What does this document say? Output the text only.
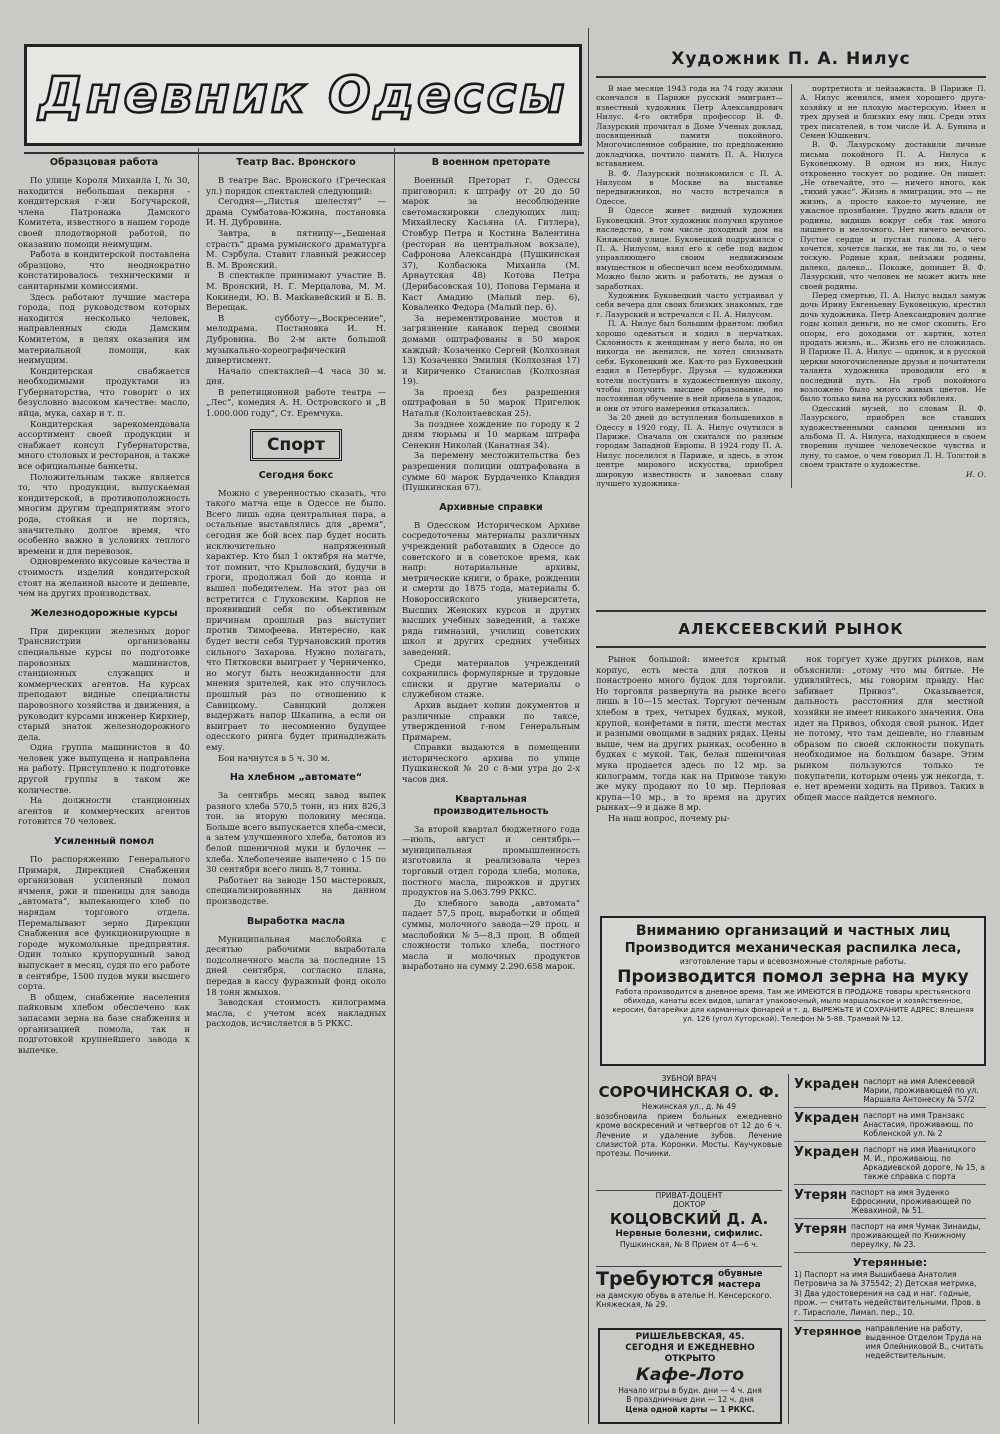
Дневник Одессы
Образцовая работа

По улице Короля Михаила I, № 30, находится небольшая пекарня - кондитерская г-жи Богучарской, члена Патронажа Дамского Комитета, известного в нашем городе своей плодотворной работой, по оказанию помощи неимущим.

Работа в кондитерской поставлена образцово, что неоднократно констатировалось техническими и санитарными комиссиями.

Здесь работают лучшие мастера города, под руководством которых находится несколько человек, направленных сюда Дамским Комитетом, в целях оказания им материальной помощи, как неимущим.

Кондитерская снабжается необходимыми продуктами из Губернаторства, что говорит о их безусловно высоком качестве: масло, яйца, мука, сахар и т. п.

Кондитерская зарекомендовала ассортимент своей продукции и снабжает консул Губернаторства, много столовых и ресторанов, а также все официальные банкеты.

Положительным также является то, что продукция, выпускаемая кондитерской, в противоположность многим другим предприятиям этого рода, стойкая и не портясь, значительно долгое время, что особенно важно в условиях теплого времени и для перевозок.

Одновременно вкусовые качества и стоимость изделий кондитерской стоят на желанной высоте и дешевле, чем на других производствах.

Железнодорожные курсы

При дирекции железных дорог Транснистрии организованы специальные курсы по подготовке паровозных машинистов, станционных служащих и коммерческих агентов. На курсах преподают видные специалисты паровозного хозяйства и движения, а руководит курсами инженер Кирхнер, старый знаток железнодорожного дела.

Одна группа машинистов в 40 человек уже выпущена и направлена на работу. Приступлено к подготовке другой группы в таком же количестве.

На должности станционных агентов и коммерческих агентов готовится 70 человек.

Усиленный помол

По распоряжению Генерального Примаря, Дирекцией Снабжения организован усиленный помол ячменя, ржи и пшеницы для завода „автомата“, выпекающего хлеб по нарядам торгового отдела. Перемалывают зерно Дирекции Снабжения все функционирующие в городе мукомольные предприятия. Один только крупорушный завод выпускает в месяц, судя по его работе в сентябре, 1500 пудов муки высшего сорта.

В общем, снабжение населения пайковым хлебом обеспечено как запасами зерна на базе снабжения и организацией помола, так и подготовкой крупнейшего завода к выпечке.

Театр Вас. Вронского

В театре Вас. Вронского (Греческая ул.) порядок спектаклей следующий:

Сегодня—„Листья шелестят“ — драма Сумбатова-Южина, постановка И. Н. Дубровина.

Завтра, в пятницу—„Бешеная страсть“ драма румынского драматурга М. Сэрбула. Ставит главный режиссер В. М. Вронский.

В спектакле принимают участие В. М. Вронский, Н. Г. Мерцалова, М. М. Кокинеди, Ю. В. Макkавейский и Б. В. Верещак.

В субботу—„Воскресение“, мелодрама. Постановка И. Н. Дубровина. Во 2-м акте большой музыкально-хореографический дивертисмент.

Начало спектаклей—4 часа 30 м. дня.

В репетиционной работе театра — „Лес“, комедия А. Н. Островского и „В 1.000.000 году“, Ст. Еремчука.

Спорт
Сегодня бокс

Можно с уверенностью сказать, что такого матча еще в Одессе не было. Всего лишь одна центральная пара, а остальные выставлялись для „время“, сегодня же бой всех пар будет носить исключительно напряженный характер. Кто был 1 октября на матче, тот помнит, что Крыловский, будучи в гроги, продолжал бой до конца и вышел победителем. На этот раз он встретится с Глуховским. Карпов не проявивший себя по объективным причинам прошлый раз выступит против Тимофеева. Интересно, как будет вести себя Турчановский против сильного Захарова. Нужно полагать, что Пятковски выиграет у Черниченко, но могут быть неожиданности для мнения зрителей, как это случилось прошлый раз по отношению к Савицкому. Савицкий должен выдержать напор Шкапина, а если он выиграет то несомненно будущее одесского ринга будет принадлежать ему.

Бои начнутся в 5 ч. 30 м.

На хлебном „автомате“

За сентябрь месяц завод выпек разного хлеба 570,5 тонн, из них 826,3 тон. за вторую половину месяца. Больше всего выпускается хлеба-смеси, а затем улучшенного хлеба, батонов из белой пшеничной муки и булочек — хлеба. Хлебопечение выпечено с 15 по 30 сентября всего лишь 8,7 тонны.

Работает на заводе 150 мастеровых, специализированных на данном производстве.

Выработка масла

Муниципальная маслобойка с десятью рабочими выработала подсолнечного масла за последние 15 дней сентября, согласно плана, передав в кассу фуражный фонд около 18 тонн жмыхов.

Заводская стоимость килограмма масла, с учетом всех накладных расходов, исчисляется в 5 РККС.

В военном преторате

Военный Преторат г. Одессы приговорил: к штрафу от 20 до 50 марок за несоблюдение светомаскировки следующих лиц: Михайлеску Касьяна (А. Гитлера), Стовбур Петра и Костина Валентина (ресторан на центральном вокзале), Сафронова Александра (Пушкинская 37), Колбасюка Михаила (М. Арнаутская 48) Котова Петра (Дерибасовская 10), Попова Германа и Каст Амадию (Малый пер. 6), Коваленко Федора (Малый пер. 6).

За нерементирование мостов и загрязнение канавок перед своими домами оштрафованы в 50 марок каждый: Козаченко Сергей (Колхозная 13) Козаченко Эмилия (Колхозная 17) и Кириченко Станислав (Колхозная 19).

За проезд без разрешения оштрафован в 50 марок Пригелюк Наталья (Колонтаевская 25).

За позднее хождение по городу к 2 дням тюрьмы и 10 маркам штрафа Сенекин Николай (Канатная 34).

За перемену местожительства без разрешения полиции оштрафована в сумме 60 марок Бурдаченко Клавдия (Пушкинская 67).

Архивные справки

В Одесском Историческом Архиве сосредоточены материалы различных учреждений работавших в Одессе до советского и в советское время, как напр: нотариальные архивы, метрические книги, о браке, рождении и смерти до 1875 года, материалы б. Новороссийского университета, Высших Женских курсов и других высших учебных заведений, а также ряда гимназий, училищ советских школ и других средних учебных заведений.

Среди материалов учреждений сохранились формулярные и трудовые списки и другие материалы о служебном стаже.

Архив выдает копии документов и различные справки по таксе, утвержденной г-ном Генеральным Примарем.

Справки выдаются в помещении исторического архива по улице Пушкинской № 20 с 8-ми утра до 2-х часов дня.

Квартальная производительность

За второй квартал бюджетного года—июль, август и сентябрь—муниципальная промышленность изготовила и реализовала через торговый отдел города хлеба, молока, постного масла, пирожков и других продуктов на 5.063.799 РККС.

До хлебного завода „автомата“ падает 57,5 проц. выработки и общей суммы, молочного завода—29 проц. и маслобойки №5—8,3 проц. В общей сложности только хлеба, постного масла и молочных продуктов выработано на сумму 2.290.658 марок.

Художник П. А. Нилус

В мае месяце 1943 года на 74 году жизни скончался в Париже русский эмигрант—известный художник Петр Александрович Нилус. 4-го октября профессор В. Ф. Лазурский прочитал в Доме Ученых доклад, посвященный памяти покойного. Многочисленное собрание, по предложению докладчика, почтило память П. А. Нилуса вставанием.

В. Ф. Лазурский познакомился с П. А. Нилусом в Москве на выставке передвижников, но часто встречался в Одессе.

В Одессе живет видный художник Буковецкий. Этот художник получил крупное наследство, в том числе доходный дом на Княжеской улице. Буковецкий подружился с П. А. Нилусом, взял его к себе под видом управляющего своим недвижимым имуществом и обеспечил всем необходимым. Можно было жить и работать, не думая о заработках.

Художник Буковецкий часто устраивал у себя вечера для своих близких знакомых, где г. Лазурский и встречался с П. А. Нилусом.

П. А. Нилус был большим франтом: любил хорошо одеваться и ходил в перчатках. Склонность к женщинам у него была, но он никогда не женился, не хотел связывать себя. Буковецкий же. Как-то раз Буковецкий ездил в Петербург. Друзья — художники хотели поступить в художественную школу, чтобы получить высшее образование, но постоянная обучение в ней привела в упадок, и они от этого намерения отказались.

За 20 дней до вступления большевиков в Одессу в 1920 году, П. А. Нилус очутился в Париже. Сначала он скитался по разным городам Западной Европы. В 1924 году П. А. Нилус поселился в Париже, и здесь, в этом центре мирового искусства, приобрел широкую известность и завоевал славу лучшего художника-

портретиста и пейзажиста. В Париже П. А. Нилус женился, имея хорошего друга-хозяйку и не плохую мастерскую. Имел и трех друзей и близких ему лиц. Среди этих трех писателей, в том числе И. А. Бунина и Семен Юшкевич.

В. Ф. Лазурскому доставили личные письма покойного П. А. Нилуса к Буковецкому. В одном из них, Нилус откровенно тоскует по родине. Он пишет: „Не отвечайте, это — ничего иного, как „тихий ужас“. Жизнь в эмиграции, это — не жизнь, а просто какое-то мучение, не ужасное прозябание. Трудно жить вдали от родины, видишь вокруг себя так много лишнего и мелочного. Нет ничего вечного. Пустое сердце и пустая голова. А чего хочется, хочется ласки, не так ли то, о чем тоскую. Родные края, пейзажи родины, далеко, далеко... Покоже, допишет В. Ф. Лазурский, что человек не может жить вне своей родины.

Перед смертью, П. А. Нилус выдал замуж дочь Ирину Евгеньевну Буковецкую, крестил дочь художника. Петр Александрович долгие годы копил деньги, но не смог скопить. Его опоры, его доходами от картин, хотел продать жизнь, и... Жизнь его не сложилась. В Париже П. А. Нилус — одинок, и в русской церкви многочисленные друзья и почитатели таланта художника проводили его в последний путь. На гроб покойного возложено было много живых цветов. Не было только вина на русских юбилеях.

Одесский музей, по словам В. Ф. Лазурского, приобрел все ставших художественными самыми ценными из альбома П. А. Нилуса, находящиеся в своем творении лучшее человеческое чувства и луну, то самое, о чем говорил Л. Н. Толстой в своем трактате о художестве.

И. О.
АЛЕКСЕЕВСКИЙ РЫНОК

Рынок большой: имеется крытый корпус, есть места для лотков и понастроено много будок для торговли. Но торговля развернута на рынке всего лишь в 10—15 местах. Торгуют печеным хлебом в трех, четырех будках, мукой, крупой, конфетами в пяти, шести местах и разными овощами в задних рядах. Цены выше, чем на других рынках, особенно в будках с мукой. Так, белая пшеничная мука продается здесь по 12 мр. за килограмм, тогда как на Привозе такую же муку продают по 10 мр. Перловая крупа—10 мр., в то время на других рынках—9 и даже 8 мр.

На наш вопрос, почему ры-

нок торгует хуже других рынков, нам объяснили: „отому что мы битые. Не удивляйтесь, мы говорим правду. Нас забивает Привоз“. Оказывается, дальность расстояния для местной хозяйки не имеет никакого значения. Она идет на Привоз, обходя свой рынок. Идет не потому, что там дешевле, но главным образом по своей склонности покупать необходимое на большом базаре. Этим рынком пользуются только те покупатели, которым очень уж некогда, т. е. нет времени ходить на Привоз. Таких в общей массе найдется немного.

Вниманию организаций и частных лиц
Производится механическая распилка леса,
изготовление тары и всевозможные столярные работы.
Производится помол зерна на муку
Работа производится в дневное время. Там же ИМЕЮТСЯ В ПРОДАЖЕ товары крестьянского обихода, канаты всех видов, шпагат упаковочный, мыло маршальское и хозяйственное, керосин, батарейки для карманных фонарей и т. д. ВЫРЕЖЬТЕ И СОХРАНИТЕ АДРЕС: Влешняя ул. 126 (угол Хуторской). Телефон № 5-88. Трамвай № 12.
ЗУБНОЙ ВРАЧ
СОРОЧИНСКАЯ О. Ф.
Нежинская ул., д. № 49
возобновила прием больных ежедневно кроме воскресений и четвергов от 12 до 6 ч. Лечение и удаление зубов. Лечение слизистой рта. Коронки. Мосты. Каучуковые протезы. Починки.
ПРИВАТ-ДОЦЕНТ
ДОКТОР
КОЦОВСКИЙ Д. А.
Нервные болезни, сифилис.
Пушкинская, № 8 Прием от 4—6 ч.
Требуются обувные мастера
на дамскую обувь в ателье Н. Кенсерского. Княжеская, № 29.
РИШЕЛЬЕВСКАЯ, 45.
СЕГОДНЯ И ЕЖЕДНЕВНО
ОТКРЫТО
Кафе-Лото
Начало игры в будн. дни — 4 ч. дня
В праздничные дни — 12 ч. дня
Цена одной карты — 1 РККС.
Украден паспорт на имя Алексеевой Марии, проживающей по ул. Маршала Антонеску № 57/2
Украден паспорт на имя Транзакс Анастасия, проживающ. по Кобленской ул. № 2
Украден паспорт на имя Иваницкого М. И., проживающ. по Аркадиевской дороге, № 15, а также справка с порта
Утерян паспорт на имя Зуденко Ефросинии, проживающей по Жевахиной, № 51.
Утерян паспорт на имя Чумак Зинаиды, проживающей по Книжному переулку, № 23.
Утерянные:
1) Паспорт на имя Вышибаева Анатолия Петровича за № 375542; 2) Детская метрика, 3) Два удостоверения на сад и наг. годные, прож. — считать недействительными. Пров. в г. Тирасполе, Лимап. пер., 10.
Утерянное направление на работу, выданное Отделом Труда на имя Олейниковой В., считать недействительным.
